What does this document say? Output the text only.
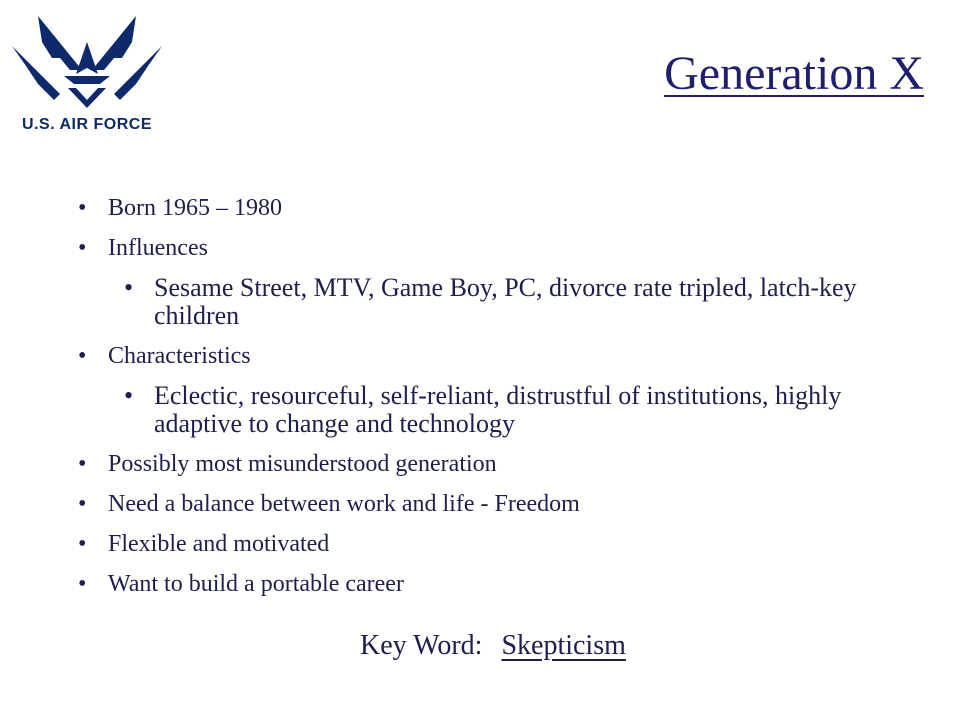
U.S. AIR FORCE
Generation X
• Born 1965 – 1980
• Influences
• Sesame Street, MTV, Game Boy, PC, divorce rate tripled, latch-key children
• Characteristics
• Eclectic, resourceful, self-reliant, distrustful of institutions, highly adaptive to change and technology
• Possibly most misunderstood generation
• Need a balance between work and life - Freedom
• Flexible and motivated
• Want to build a portable career
Key Word: Skepticism
